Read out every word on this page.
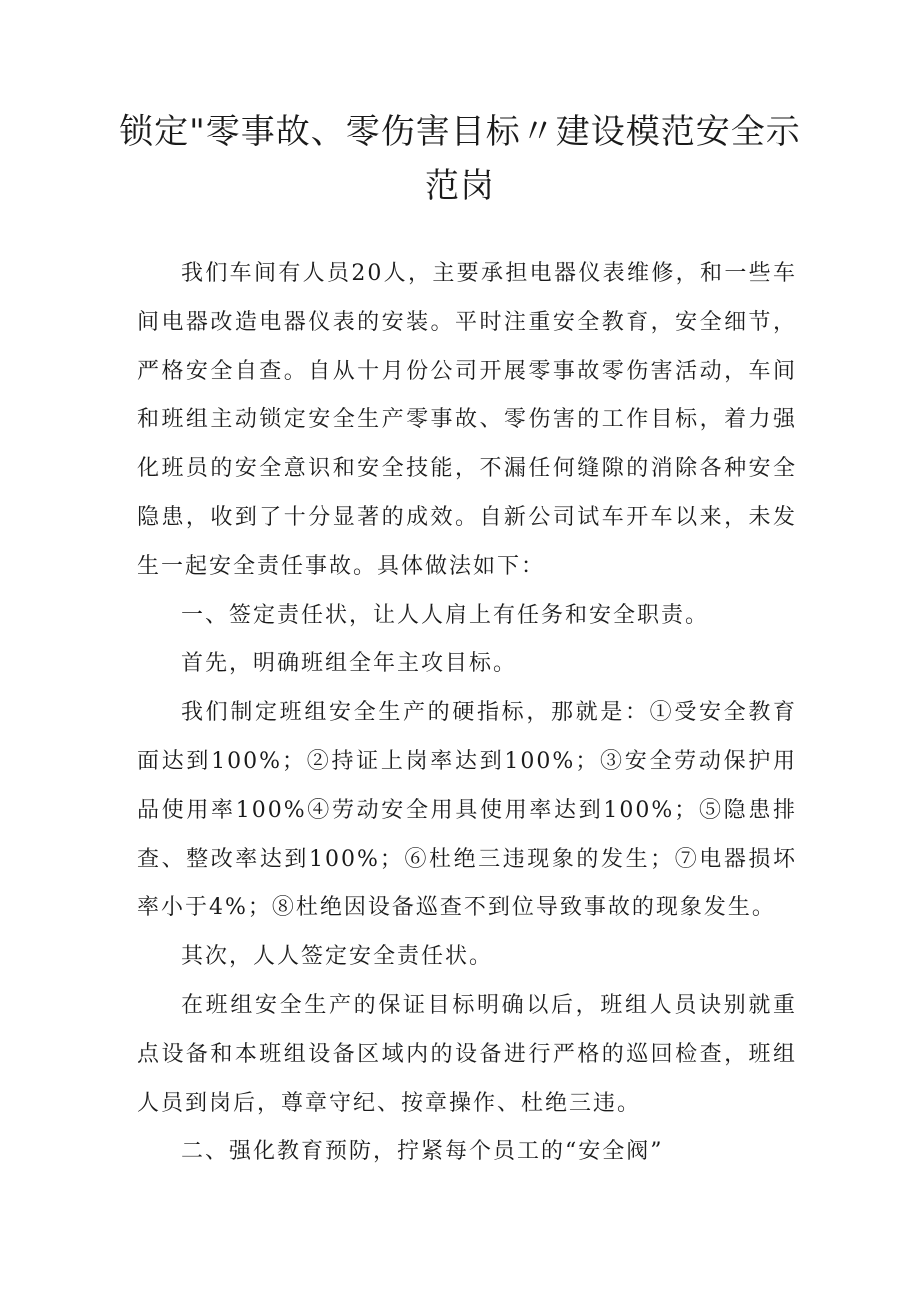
锁定"零事故、零伤害目标〃建设模范安全示
范岗

我们车间有人员20人，主要承担电器仪表维修，和一些车间电器改造电器仪表的安装。平时注重安全教育，安全细节，严格安全自查。自从十月份公司开展零事故零伤害活动，车间和班组主动锁定安全生产零事故、零伤害的工作目标，着力强化班员的安全意识和安全技能，不漏任何缝隙的消除各种安全隐患，收到了十分显著的成效。自新公司试车开车以来，未发生一起安全责任事故。具体做法如下：

一、签定责任状，让人人肩上有任务和安全职责。

首先，明确班组全年主攻目标。

我们制定班组安全生产的硬指标，那就是：①受安全教育面达到100%；②持证上岗率达到100%；③安全劳动保护用品使用率100%④劳动安全用具使用率达到100%；⑤隐患排查、整改率达到100%；⑥杜绝三违现象的发生；⑦电器损坏率小于4%；⑧杜绝因设备巡查不到位导致事故的现象发生。

其次，人人签定安全责任状。

在班组安全生产的保证目标明确以后，班组人员诀别就重点设备和本班组设备区域内的设备进行严格的巡回检查，班组人员到岗后，尊章守纪、按章操作、杜绝三违。

二、强化教育预防，拧紧每个员工的“安全阀”
